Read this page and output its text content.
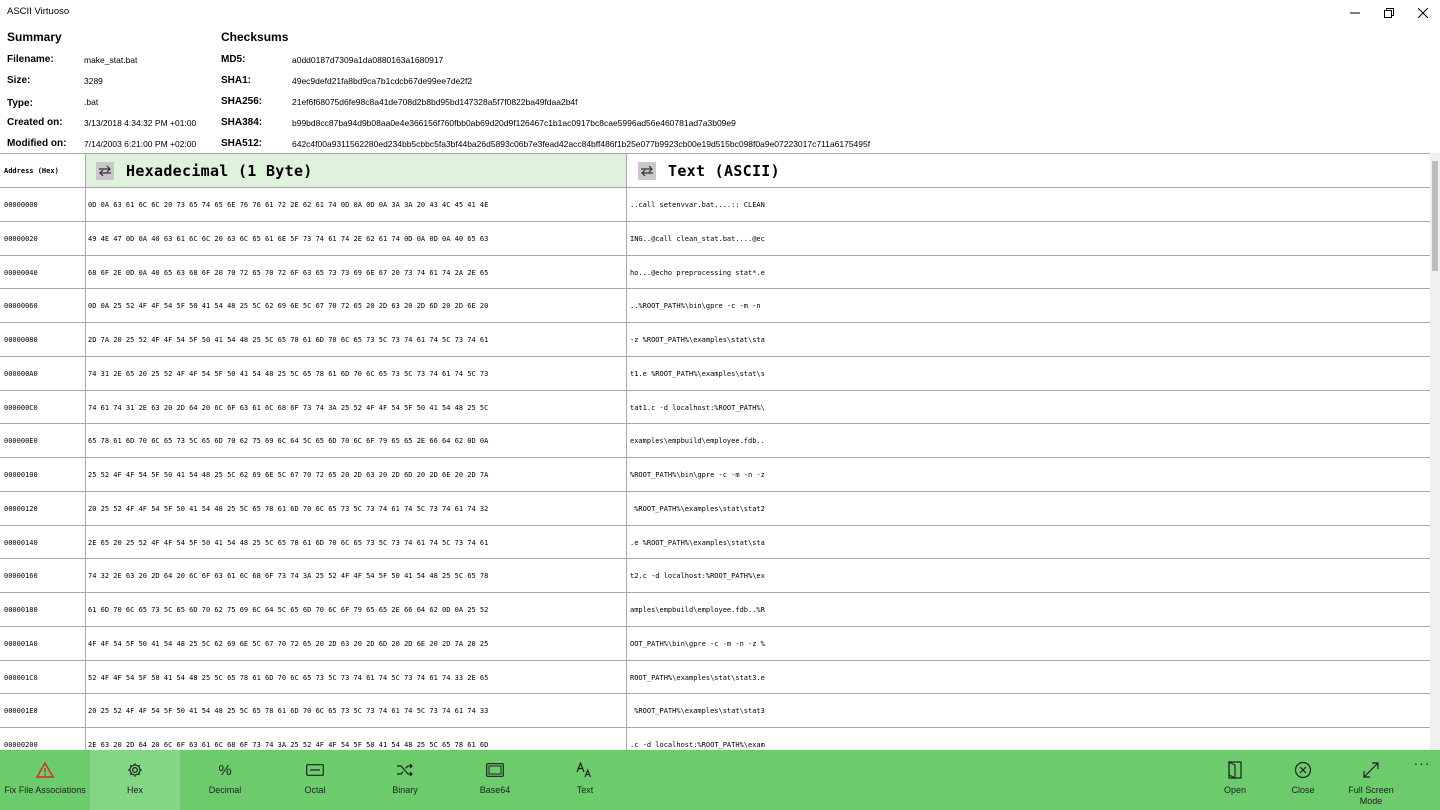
ASCII Virtuoso
Summary	Checksums
Filename:	make_stat.bat
Size:	3289
Type:	.bat
Created on:	3/13/2018 4:34:32 PM +01:00
Modified on: 7/14/2003 6:21:00 PM +02:00
MD5:	a0dd0187d7309a1da0880163a1680917
SHA1:	49ec9defd21fa8bd9ca7b1cdcb67de99ee7de2f2
SHA256:	21ef6f68075d6fe98c8a41de708d2b8bd95bd147328a5f7f0822ba49fdaa2b4f
SHA384:	b99bd8cc87ba94d9b08aa0e4e366156f760fbb0ab69d20d9f126467c1b1ac0917bc8cae5996ad56e460781ad7a3b09e9
SHA512:	642c4f00a9311562280ed234bb5cbbc5fa3bf44ba26d5893c06b7e3fead42acc84bff486f1b25e077b9923cb00e19d515bc098f0a9e07223017c711a6175495f
Address (Hex)	Hexadecimal (1 Byte)	Text (ASCII)
00000000	0D 0A 63 61 6C 6C 20 73 65 74 65 6E 76 76 61 72 2E 62 61 74 0D 0A 0D 0A 3A 3A 20 43 4C 45 41 4E	..call setenvvar.bat....:: CLEAN
00000020	49 4E 47 0D 0A 40 63 61 6C 6C 20 63 6C 65 61 6E 5F 73 74 61 74 2E 62 61 74 0D 0A 0D 0A 40 65 63	ING..@call clean_stat.bat....@ec
00000040	68 6F 2E 0D 0A 40 65 63 68 6F 20 70 72 65 70 72 6F 63 65 73 73 69 6E 67 20 73 74 61 74 2A 2E 65	ho...@echo preprocessing stat*.e
00000060	0D 0A 25 52 4F 4F 54 5F 50 41 54 48 25 5C 62 69 6E 5C 67 70 72 65 20 2D 63 20 2D 6D 20 2D 6E 20	..%ROOT_PATH%\bin\gpre -c -m -n
00000080	2D 7A 20 25 52 4F 4F 54 5F 50 41 54 48 25 5C 65 78 61 6D 70 6C 65 73 5C 73 74 61 74 5C 73 74 61	-z %ROOT_PATH%\examples\stat\sta
000000A0	74 31 2E 65 20 25 52 4F 4F 54 5F 50 41 54 48 25 5C 65 78 61 6D 70 6C 65 73 5C 73 74 61 74 5C 73	t1.e %ROOT_PATH%\examples\stat\s
000000C0	74 61 74 31 2E 63 20 2D 64 20 6C 6F 63 61 6C 68 6F 73 74 3A 25 52 4F 4F 54 5F 50 41 54 48 25 5C	tat1.c -d localhost:%ROOT_PATH%\
000000E0	65 78 61 6D 70 6C 65 73 5C 65 6D 70 62 75 69 6C 64 5C 65 6D 70 6C 6F 79 65 65 2E 66 64 62 0D 0A	examples\empbuild\employee.fdb..
00000100	25 52 4F 4F 54 5F 50 41 54 48 25 5C 62 69 6E 5C 67 70 72 65 20 2D 63 20 2D 6D 20 2D 6E 20 2D 7A	%ROOT_PATH%\bin\gpre -c -m -n -z
00000120	20 25 52 4F 4F 54 5F 50 41 54 48 25 5C 65 78 61 6D 70 6C 65 73 5C 73 74 61 74 5C 73 74 61 74 32	%ROOT_PATH%\examples\stat\stat2
00000140	2E 65 20 25 52 4F 4F 54 5F 50 41 54 48 25 5C 65 78 61 6D 70 6C 65 73 5C 73 74 61 74 5C 73 74 61	.e %ROOT_PATH%\examples\stat\sta
00000160	74 32 2E 63 20 2D 64 20 6C 6F 63 61 6C 68 6F 73 74 3A 25 52 4F 4F 54 5F 50 41 54 48 25 5C 65 78	t2.c -d localhost:%ROOT_PATH%\ex
00000180	61 6D 70 6C 65 73 5C 65 6D 70 62 75 69 6C 64 5C 65 6D 70 6C 6F 79 65 65 2E 66 64 62 0D 0A 25 52	amples\empbuild\employee.fdb..%R
000001A0	4F 4F 54 5F 50 41 54 48 25 5C 62 69 6E 5C 67 70 72 65 20 2D 63 20 2D 6D 20 2D 6E 20 2D 7A 20 25	OOT_PATH%\bin\gpre -c -m -n -z %
000001C0	52 4F 4F 54 5F 50 41 54 48 25 5C 65 78 61 6D 70 6C 65 73 5C 73 74 61 74 5C 73 74 61 74 33 2E 65	ROOT_PATH%\examples\stat\stat3.e
000001E0	20 25 52 4F 4F 54 5F 50 41 54 48 25 5C 65 78 61 6D 70 6C 65 73 5C 73 74 61 74 5C 73 74 61 74 33	%ROOT_PATH%\examples\stat\stat3
00000200	2E 63 20 2D 64 20 6C 6F 63 61 6C 68 6F 73 74 3A 25 52 4F 4F 54 5F 50 41 54 48 25 5C 65 78 61 6D	.c -d localhost:%ROOT_PATH%\exam
Fix File Associations	Hex
%
Decimal	Octal	Binary	Base64	Text	Open	Close	Full Screen Mode
···
